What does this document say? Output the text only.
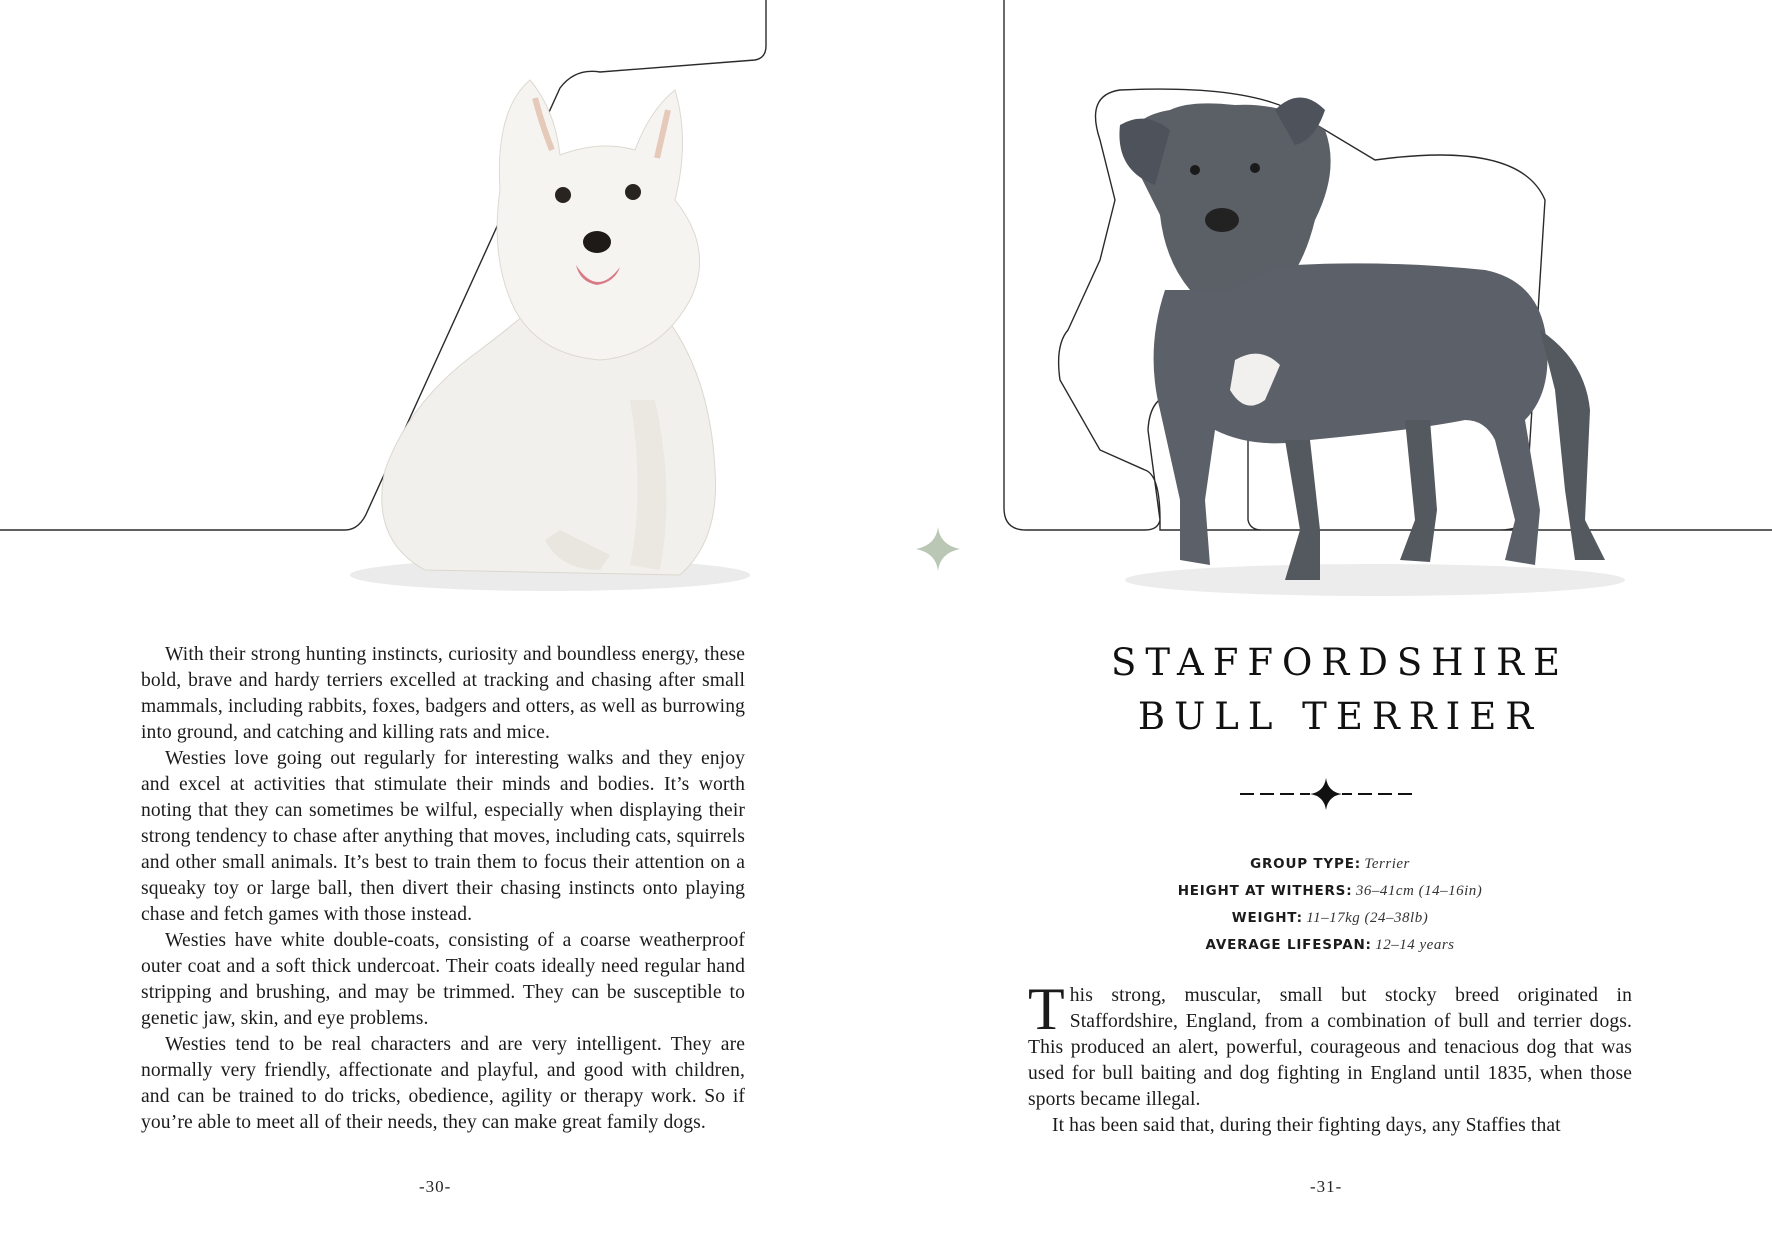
With their strong hunting instincts, curiosity and boundless energy, these bold, brave and hardy terriers excelled at tracking and chasing after small mammals, including rabbits, foxes, badgers and otters, as well as burrowing into ground, and catching and killing rats and mice.

Westies love going out regularly for interesting walks and they enjoy and excel at activities that stimulate their minds and bodies. It’s worth noting that they can sometimes be wilful, especially when displaying their strong tendency to chase after anything that moves, including cats, squirrels and other small animals. It’s best to train them to focus their attention on a squeaky toy or large ball, then divert their chasing instincts onto playing chase and fetch games with those instead.

Westies have white double-coats, consisting of a coarse weatherproof outer coat and a soft thick undercoat. Their coats ideally need regular hand stripping and brushing, and may be trimmed. They can be susceptible to genetic jaw, skin, and eye problems.

Westies tend to be real characters and are very intelligent. They are normally very friendly, affectionate and playful, and good with children, and can be trained to do tricks, obedience, agility or therapy work. So if you’re able to meet all of their needs, they can make great family dogs.

-30-
STAFFORDSHIRE
BULL TERRIER
GROUP TYPE: Terrier
HEIGHT AT WITHERS: 36–41cm (14–16in)
WEIGHT: 11–17kg (24–38lb)
AVERAGE LIFESPAN: 12–14 years

This strong, muscular, small but stocky breed originated in Staffordshire, England, from a combination of bull and terrier dogs. This produced an alert, powerful, courageous and tenacious dog that was used for bull baiting and dog fighting in England until 1835, when those sports became illegal.

It has been said that, during their fighting days, any Staffies that

-31-
